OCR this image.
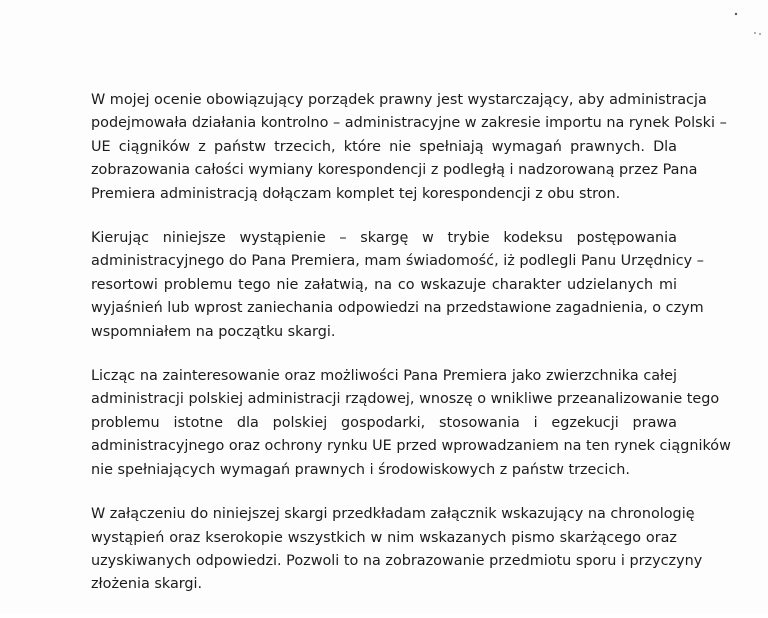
W mojej ocenie obowiązujący porządek prawny jest wystarczający, aby administracja
podejmowała działania kontrolno – administracyjne w zakresie importu na rynek Polski –
UE ciągników z państw trzecich, które nie spełniają wymagań prawnych. Dla
zobrazowania całości wymiany korespondencji z podległą i nadzorowaną przez Pana
Premiera administracją dołączam komplet tej korespondencji z obu stron.

Kierując niniejsze wystąpienie – skargę w trybie kodeksu postępowania
administracyjnego do Pana Premiera, mam świadomość, iż podlegli Panu Urzędnicy –
resortowi problemu tego nie załatwią, na co wskazuje charakter udzielanych mi
wyjaśnień lub wprost zaniechania odpowiedzi na przedstawione zagadnienia, o czym
wspomniałem na początku skargi.

Licząc na zainteresowanie oraz możliwości Pana Premiera jako zwierzchnika całej
administracji polskiej administracji rządowej, wnoszę o wnikliwe przeanalizowanie tego
problemu istotne dla polskiej gospodarki, stosowania i egzekucji prawa
administracyjnego oraz ochrony rynku UE przed wprowadzaniem na ten rynek ciągników
nie spełniających wymagań prawnych i środowiskowych z państw trzecich.

W załączeniu do niniejszej skargi przedkładam załącznik wskazujący na chronologię
wystąpień oraz kserokopie wszystkich w nim wskazanych pismo skarżącego oraz
uzyskiwanych odpowiedzi. Pozwoli to na zobrazowanie przedmiotu sporu i przyczyny
złożenia skargi.
